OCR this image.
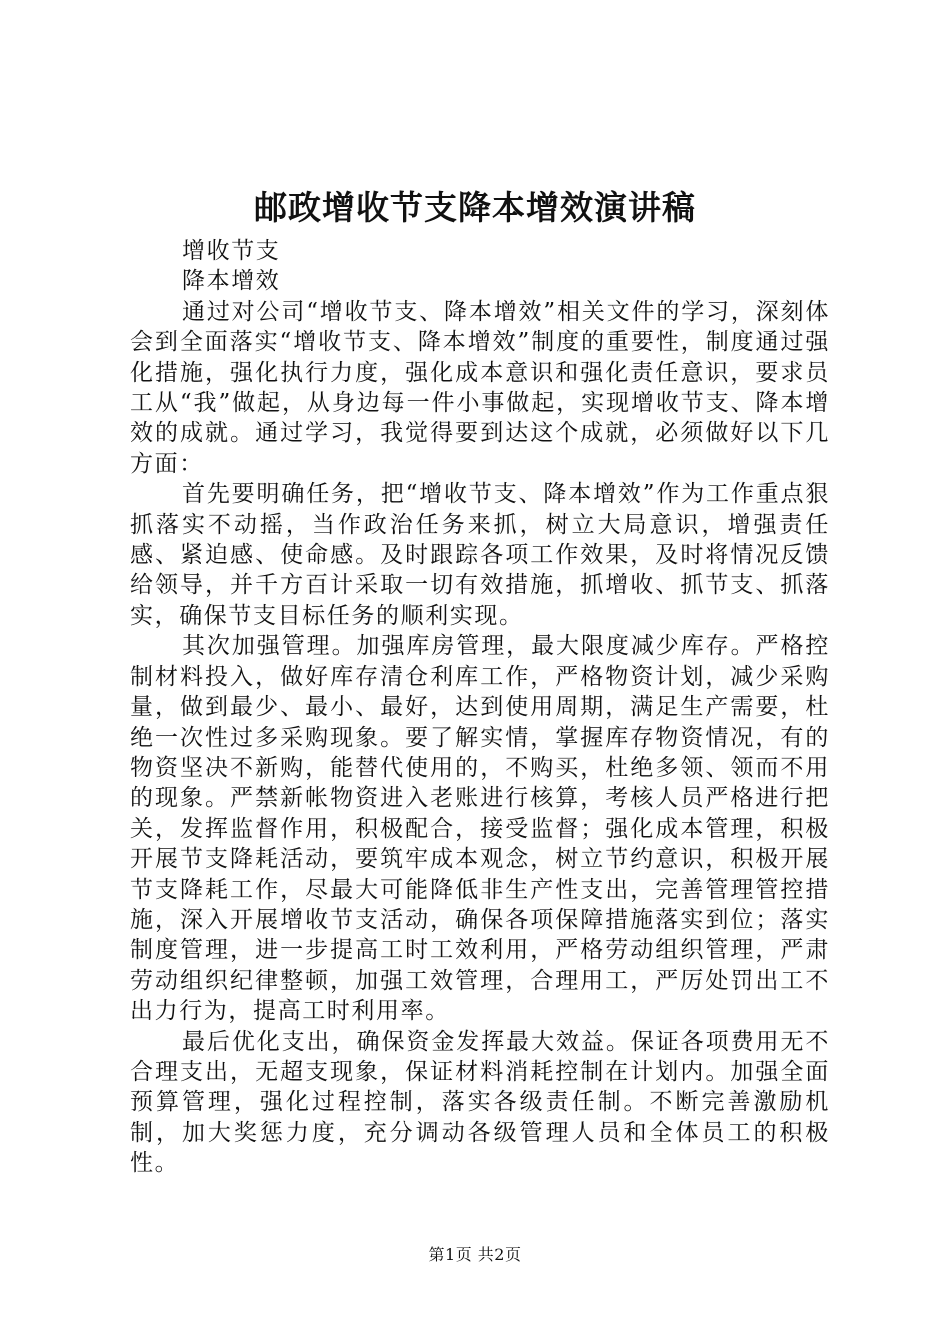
邮政增收节支降本增效演讲稿

增收节支

降本增效

通过对公司“增收节支、降本增效”相关文件的学习，深刻体会到全面落实“增收节支、降本增效”制度的重要性，制度通过强化措施，强化执行力度，强化成本意识和强化责任意识，要求员工从“我”做起，从身边每一件小事做起，实现增收节支、降本增效的成就。通过学习，我觉得要到达这个成就，必须做好以下几方面：

首先要明确任务，把“增收节支、降本增效”作为工作重点狠抓落实不动摇，当作政治任务来抓，树立大局意识，增强责任感、紧迫感、使命感。及时跟踪各项工作效果，及时将情况反馈给领导，并千方百计采取一切有效措施，抓增收、抓节支、抓落实，确保节支目标任务的顺利实现。

其次加强管理。加强库房管理，最大限度减少库存。严格控制材料投入，做好库存清仓利库工作，严格物资计划，减少采购量，做到最少、最小、最好，达到使用周期，满足生产需要，杜绝一次性过多采购现象。要了解实情，掌握库存物资情况，有的物资坚决不新购，能替代使用的，不购买，杜绝多领、领而不用的现象。严禁新帐物资进入老账进行核算，考核人员严格进行把关，发挥监督作用，积极配合，接受监督；强化成本管理，积极开展节支降耗活动，要筑牢成本观念，树立节约意识，积极开展节支降耗工作，尽最大可能降低非生产性支出，完善管理管控措施，深入开展增收节支活动，确保各项保障措施落实到位；落实制度管理，进一步提高工时工效利用，严格劳动组织管理，严肃劳动组织纪律整顿，加强工效管理，合理用工，严厉处罚出工不出力行为，提高工时利用率。

最后优化支出，确保资金发挥最大效益。保证各项费用无不合理支出，无超支现象，保证材料消耗控制在计划内。加强全面预算管理，强化过程控制，落实各级责任制。不断完善激励机制，加大奖惩力度，充分调动各级管理人员和全体员工的积极性。

第1页 共2页
